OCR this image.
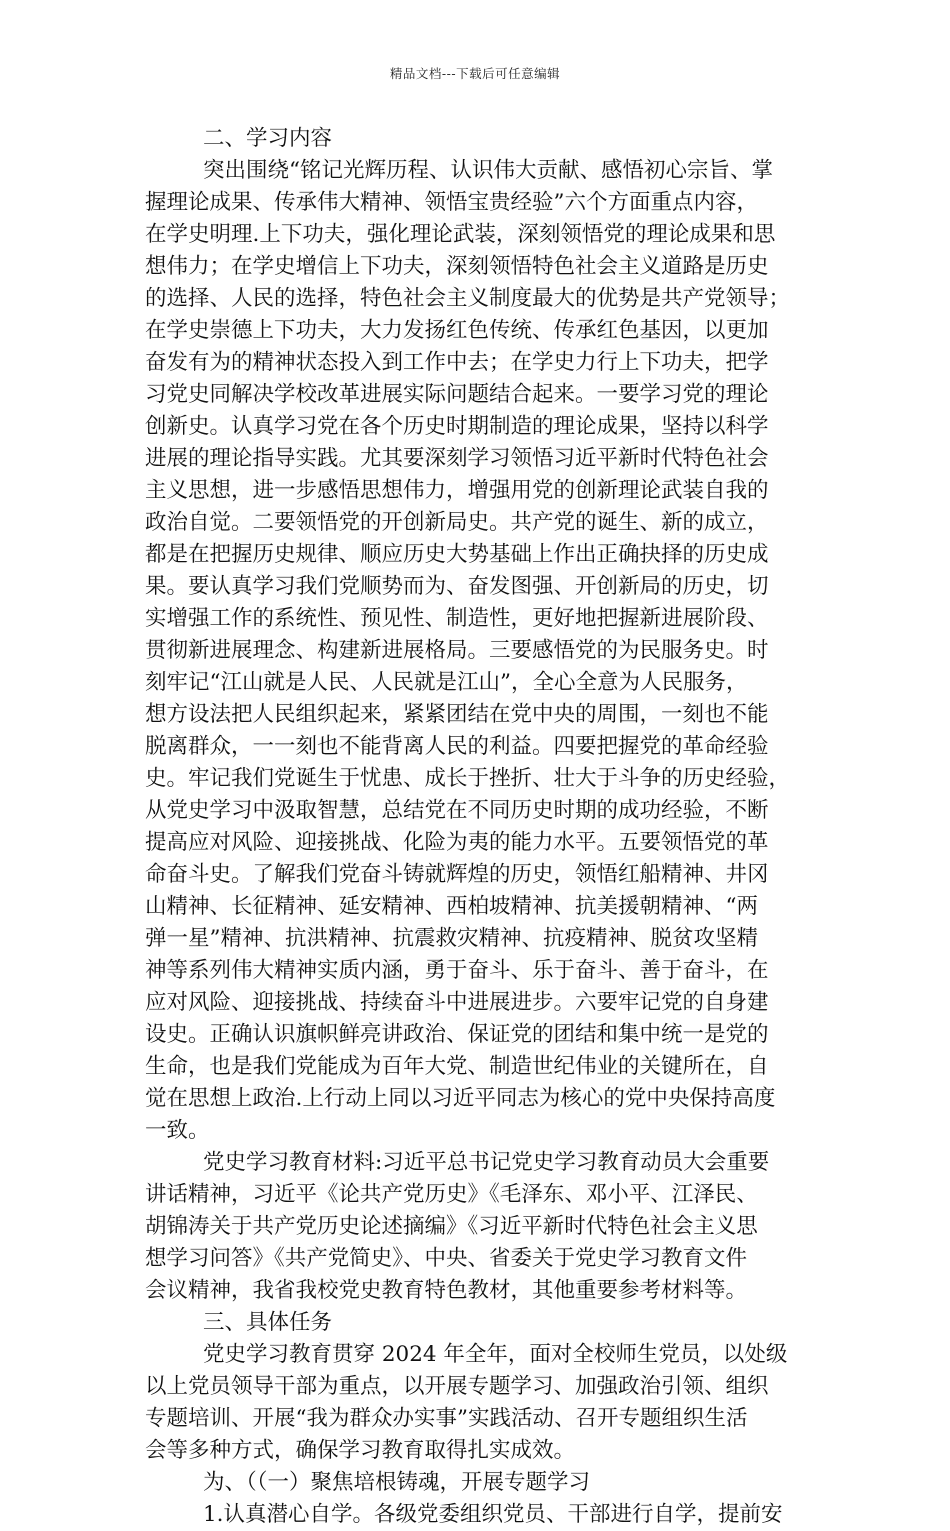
精品文档---下载后可任意编辑
二、学习内容
突出围绕“铭记光辉历程、认识伟大贡献、感悟初心宗旨、掌
握理论成果、传承伟大精神、领悟宝贵经验”六个方面重点内容，
在学史明理.上下功夫，强化理论武装，深刻领悟党的理论成果和思
想伟力；在学史增信上下功夫，深刻领悟特色社会主义道路是历史
的选择、人民的选择，特色社会主义制度最大的优势是共产党领导；
在学史崇德上下功夫，大力发扬红色传统、传承红色基因，以更加
奋发有为的精神状态投入到工作中去；在学史力行上下功夫，把学
习党史同解决学校改革进展实际问题结合起来。一要学习党的理论
创新史。认真学习党在各个历史时期制造的理论成果，坚持以科学
进展的理论指导实践。尤其要深刻学习领悟习近平新时代特色社会
主义思想，进一步感悟思想伟力，增强用党的创新理论武装自我的
政治自觉。二要领悟党的开创新局史。共产党的诞生、新的成立，
都是在把握历史规律、顺应历史大势基础上作出正确抉择的历史成
果。要认真学习我们党顺势而为、奋发图强、开创新局的历史，切
实增强工作的系统性、预见性、制造性，更好地把握新进展阶段、
贯彻新进展理念、构建新进展格局。三要感悟党的为民服务史。时
刻牢记“江山就是人民、人民就是江山”，全心全意为人民服务，
想方设法把人民组织起来，紧紧团结在党中央的周围，一刻也不能
脱离群众，一一刻也不能背离人民的利益。四要把握党的革命经验
史。牢记我们党诞生于忧患、成长于挫折、壮大于斗争的历史经验，
从党史学习中汲取智慧，总结党在不同历史时期的成功经验，不断
提高应对风险、迎接挑战、化险为夷的能力水平。五要领悟党的革
命奋斗史。了解我们党奋斗铸就辉煌的历史，领悟红船精神、井冈
山精神、长征精神、延安精神、西柏坡精神、抗美援朝精神、“两
弹一星”精神、抗洪精神、抗震救灾精神、抗疫精神、脱贫攻坚精
神等系列伟大精神实质内涵，勇于奋斗、乐于奋斗、善于奋斗，在
应对风险、迎接挑战、持续奋斗中进展进步。六要牢记党的自身建
设史。正确认识旗帜鲜亮讲政治、保证党的团结和集中统一是党的
生命，也是我们党能成为百年大党、制造世纪伟业的关键所在，自
觉在思想上政治.上行动上同以习近平同志为核心的党中央保持高度
一致。
党史学习教育材料:习近平总书记党史学习教育动员大会重要
讲话精神，习近平《论共产党历史》《毛泽东、邓小平、江泽民、
胡锦涛关于共产党历史论述摘编》《习近平新时代特色社会主义思
想学习问答》《共产党简史》、中央、省委关于党史学习教育文件
会议精神，我省我校党史教育特色教材，其他重要参考材料等。
三、具体任务
党史学习教育贯穿 2024 年全年，面对全校师生党员，以处级
以上党员领导干部为重点，以开展专题学习、加强政治引领、组织
专题培训、开展“我为群众办实事”实践活动、召开专题组织生活
会等多种方式，确保学习教育取得扎实成效。
为、（（一）聚焦培根铸魂，开展专题学习
1.认真潜心自学。各级党委组织党员、干部进行自学，提前安
